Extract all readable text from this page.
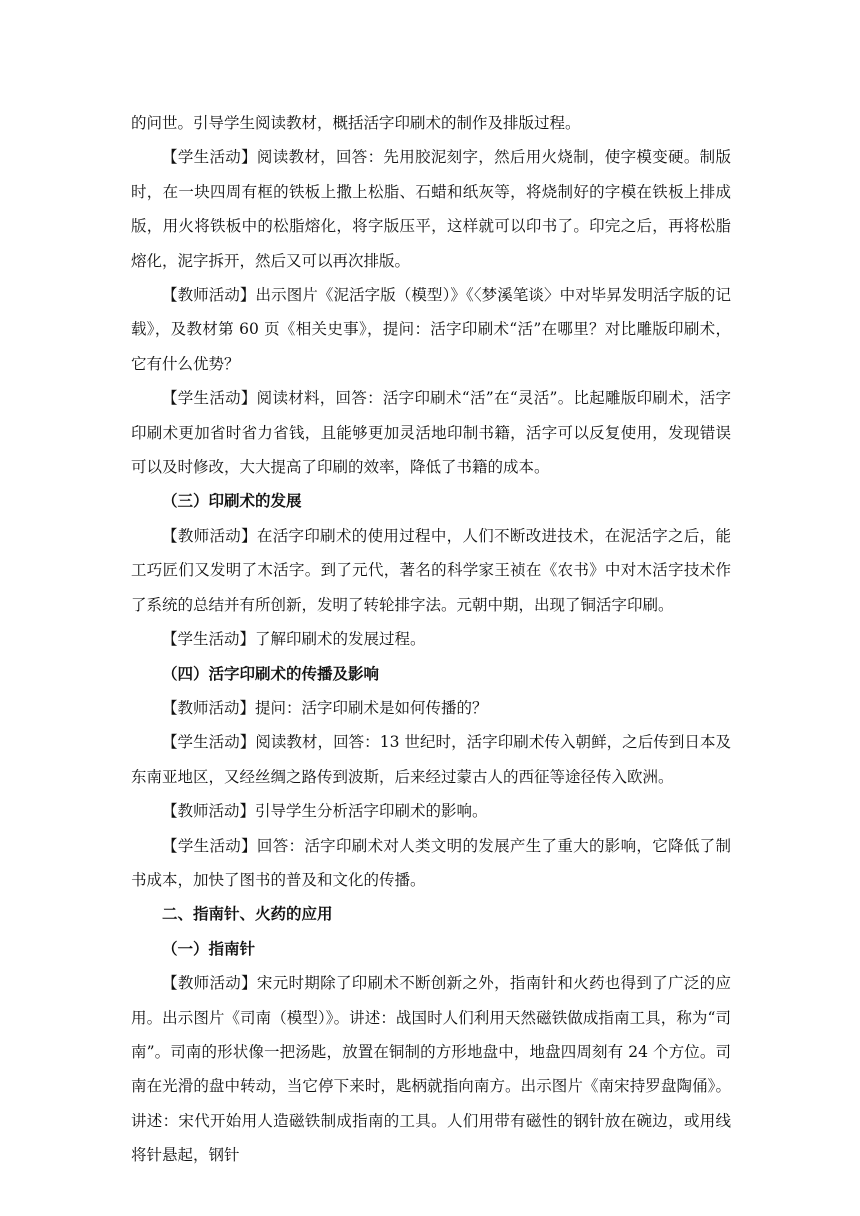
的问世。引导学生阅读教材，概括活字印刷术的制作及排版过程。

【学生活动】阅读教材，回答：先用胶泥刻字，然后用火烧制，使字模变硬。制版时，在一块四周有框的铁板上撒上松脂、石蜡和纸灰等，将烧制好的字模在铁板上排成版，用火将铁板中的松脂熔化，将字版压平，这样就可以印书了。印完之后，再将松脂熔化，泥字拆开，然后又可以再次排版。

【教师活动】出示图片《泥活字版（模型）》《〈梦溪笔谈〉中对毕昇发明活字版的记载》，及教材第 60 页《相关史事》，提问：活字印刷术“活”在哪里？对比雕版印刷术，它有什么优势？

【学生活动】阅读材料，回答：活字印刷术“活”在“灵活”。比起雕版印刷术，活字印刷术更加省时省力省钱，且能够更加灵活地印制书籍，活字可以反复使用，发现错误可以及时修改，大大提高了印刷的效率，降低了书籍的成本。

（三）印刷术的发展

【教师活动】在活字印刷术的使用过程中，人们不断改进技术，在泥活字之后，能工巧匠们又发明了木活字。到了元代，著名的科学家王祯在《农书》中对木活字技术作了系统的总结并有所创新，发明了转轮排字法。元朝中期，出现了铜活字印刷。

【学生活动】了解印刷术的发展过程。

（四）活字印刷术的传播及影响

【教师活动】提问：活字印刷术是如何传播的？

【学生活动】阅读教材，回答：13 世纪时，活字印刷术传入朝鲜，之后传到日本及东南亚地区，又经丝绸之路传到波斯，后来经过蒙古人的西征等途径传入欧洲。

【教师活动】引导学生分析活字印刷术的影响。

【学生活动】回答：活字印刷术对人类文明的发展产生了重大的影响，它降低了制书成本，加快了图书的普及和文化的传播。

二、指南针、火药的应用

（一）指南针

【教师活动】宋元时期除了印刷术不断创新之外，指南针和火药也得到了广泛的应用。出示图片《司南（模型）》。讲述：战国时人们利用天然磁铁做成指南工具，称为“司南”。司南的形状像一把汤匙，放置在铜制的方形地盘中，地盘四周刻有 24 个方位。司南在光滑的盘中转动，当它停下来时，匙柄就指向南方。出示图片《南宋持罗盘陶俑》。讲述：宋代开始用人造磁铁制成指南的工具。人们用带有磁性的钢针放在碗边，或用线将针悬起，钢针
